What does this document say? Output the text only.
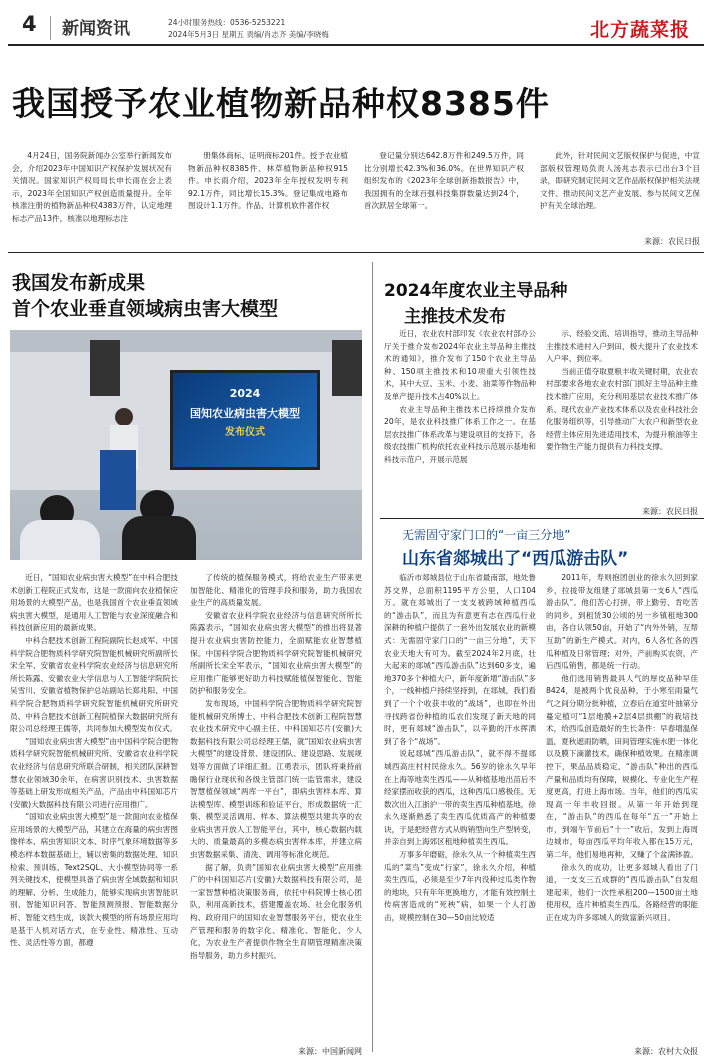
4 新闻资讯	24小时服务热线：0536-5253221
2024年5月3日 星期五 责编/肖志齐 美编/李晓梅	北方蔬菜报
我国授予农业植物新品种权8385件

4月24日，国务院新闻办公室举行新闻发布会，介绍2023年中国知识产权保护发展状况有关情况。国家知识产权局局长申长雨在会上表示，2023年全国知识产权创造质量提升。全年核准注册的植物新品种权4383万件，认定地理标志产品13件，核准以地理标志注

册集体商标、证明商标201件。授予农业植物新品种权8385件、林草植物新品种权915件。申长雨介绍，2023年全年授权发明专利92.1万件，同比增长15.3%。登记集成电路布图设计1.1万件。作品、计算机软件著作权

登记量分别达642.8万件和249.5万件，同比分别增长42.3%和36.0%。在世界知识产权组织发布的《2023年全球创新指数报告》中，我国拥有的全球百强科技集群数量达到24个，首次跃居全球第一。

此外，针对民间文艺版权保护与促进，中宣部版权管理局负责人汤兆志表示已出台3个目录，即研究制定民间文艺作品版权保护相关法规文件、推动民间文艺产业发展、参与民间文艺保护有关全球治理。

来源：农民日报
我国发布新成果
首个农业垂直领域病虫害大模型
2024
国知农业病虫害大模型
发布仪式

近日，“国知农业病虫害大模型”在中科合肥技术创新工程院正式发布，这是一款面向农业植保应用场景的大模型产品，也是我国首个农业垂直领域病虫害大模型，是通用人工智能与农业深度融合和科技创新应用的最新成果。

中科合肥技术创新工程院副院长赵成军、中国科学院合肥物质科学研究院智能机械研究所副所长宋全军、安徽省农业科学院农业经济与信息研究所所长陈露、安徽农业大学信息与人工智能学院院长吴雪川、安徽省植物保护总站副站长郑兆阳、中国科学院合肥物质科学研究院智能机械研究所研究员、中科合肥技术创新工程院植保大数据研究所有限公司总经理王儒等，共同参加大模型发布仪式。

“国知农业病虫害大模型”由中国科学院合肥物质科学研究院智能机械研究所、安徽省农业科学院农业经济与信息研究所联合研制，相关团队深耕智慧农业领域30余年，在病害识别技术、虫害数据等基础上研发形成相关产品，产品由中科国知芯片(安徽)大数据科技有限公司进行应用推广。

“国知农业病虫害大模型”是一款面向农业植保应用场景的大模型产品，其建立在海量的病虫害图像样本、病虫害知识文本、时序气象环境数据等多模态样本数据基础上，辅以密集的数据处理、知识检索、预训练、Text2SQL、大小模型协同等一系列关键技术，使模型具备了病虫害全域数据和知识的理解、分析、生成能力，能够实现病虫害智能识别、智能知识问答、智能预测预报、智能数据分析、智能文档生成，该款大模型的所有场景应用均是基于人机对话方式，在专业性、精准性、互动性、灵活性等方面，都遵

了传统的植保服务模式，将给农业生产带来更加智能化、精准化的管理手段和服务，助力我国农业生产的高质量发展。

安徽省农业科学院农业经济与信息研究所所长陈露表示，“国知农业病虫害大模型”的推出将显著提升农业病虫害防控能力，全面赋能农业智慧植保。中国科学院合肥物质科学研究院智能机械研究所副所长宋全军表示，“国知农业病虫害大模型”的应用推广能够更好助力科技赋能植保智能化、智能防护和服务安全。

发布现场，中国科学院合肥物质科学研究院智能机械研究所博士、中科合肥技术创新工程院智慧农业技术研究中心副主任、中科国知芯片(安徽)大数据科技有限公司总经理王儒，就“国知农业病虫害大模型”的建设背景、建设团队、建设思路、发展规划等方面做了详细汇报。江勇表示，团队将秉持前瞻保行业现状和各级主管部门统一监管需求，建设智慧植保领域“两库一平台”，即病虫害样本库、算法模型库、模型训练和验证平台，形成数据统一汇集、模型灵活调用、样本、算法模型共建共享的农业病虫害开放人工智能平台，其中，核心数据内载大的、质量最高的多模态病虫害样本库，并建立病虫害数据采集、清洗、调用等标准化规范。

据了解，负责“国知农业病虫害大模型”应用推广的中科国知芯片(安徽)大数据科技有限公司，是一家智慧种植决策服务商，依托中科院博士核心团队，利用高新技术，搭建覆盖农场、社会化服务机构、政府用户的国知农业智慧服务平台，使农业生产管理和服务的数字化、精准化、智能化、少人化，为农业生产者提供作物全生育期管理精准决策指导服务，助力乡村振兴。

来源：中国新闻网
2024年度农业主导品种
主推技术发布

近日，农业农村部印发《农业农村部办公厅关于推介发布2024年农业主导品种主推技术的通知》，推介发布了150个农业主导品种、150项主推技术和10项重大引领性技术，其中大豆、玉米、小麦、油菜等作物品种及单产提升技术占40%以上。

农业主导品种主推技术已持续推介发布20年，是农业科技推广体系工作之一。在基层农技推广体系改革与建设项目的支持下，各级农技推广机构依托农业科技示范展示基地和科技示范户，开展示范展

示、经验交流、培训指导，推动主导品种主推技术进村入户到田，极大提升了农业技术入户率、到位率。

当前正值夺取夏粮丰收关键时期，农业农村部要求各地农业农村部门抓好主导品种主推技术推广应用，充分利用基层农业技术推广体系、现代农业产业技术体系以及农业科技社会化服务组织等，引导推动广大农户和新型农业经营主体应用先进适用技术，为提升粮油等主要作物生产能力提供有力科技支撑。

来源：农民日报
无需固守家门口的“一亩三分地”
山东省郯城出了“西瓜游击队”

临沂市郯城县位于山东省最南部，地处鲁苏交界，总面积1195平方公里，人口104万。就在郯城出了一支支被跨域种植西瓜的“游击队”，而且为有意更有志在西瓜行业深耕的种植户提供了一套外出发展农业的新模式：无需固守家门口的“一亩三分地”，天下农业天地大有可为。截至2024年2月底，壮大起来的郯城“西瓜游击队”达到60多支，遍地370多个种植大户，新年度新增“游击队”多个，一线种植户持续坚持到，在郯城，我们看到了一个个收获丰收的“战场”，也即在外出寻找跨省份种植的瓜农们发现了新天地的同时，更有郯城“游击队”，以辛勤的汗水挥洒到了各个“战场”。

说起郯城“西瓜游击队”，就不得不提郯城西高庄村村民徐永久。56岁的徐永久早年在上海等地卖生西瓜——从种植基地出苗后不经家摆而收获的西瓜，这种西瓜口感极佳。无数次出入江浙沪一带的卖生西瓜种植基地，徐永久逐渐熟悉了卖生西瓜优质高产的种植要诀，于是把经营方式从购销型向生产型转变，并亲自到上海郊区租地种植卖生西瓜。

万事多年磨砺，徐永久从一个种植卖生西瓜的“菜鸟”变成“行家”，徐永久介绍，种植卖生西瓜，必须是至少7年内没种过瓜类作物的地块，只有年年更换地方，才能有效控制土传病害造成的“死秧”病，如果一个人打游击，规模控制在30—50亩比较适

2011年，寿则抱团创业的徐永久回到家乡，拉拢带友组建了郯城县第一支6人“西瓜游击队”。他们苦心打拼，带上勤劳、肯吃苦的同乡，到租赁30公顷的另一乡镇租地300亩，各自认领50亩，开始了“内外外销，互帮互助”的新生产模式。对内，6人各忙各的西瓜种植及日常管理；对外，产前购买农资，产后西瓜销售，都是统一行动。

他们选用销售最具人气的厚皮品种早佳8424，是被两个优良品种，于小寒至雨量气气之间分期分批种植，立春后在道室叶抽第分蔓定植可“1层地膜+2层4层拱棚”的栽培技术，给西瓜创造最好的生长条件：早春增温保温，夏秋遮雨防晒，田间管理实施水肥一体化以及膜下滴灌技术，确保种植效果。在精准调控下，果品品质稳定，“游击队”种出的西瓜产量和品质均有保障，规模化、专业化生产程度更高，打进上海市场。当年，他们的西瓜实现高一年丰收回报。从第一年开始到现在，“游击队”的西瓜在每年“五一”开始上市，到端午节前后“十一”收后，发到上海周边城市，每亩西瓜平均年收入都在15万元，第二年，他们易地再种，又赚了个盆满钵盈。

徐永久的成功，让更多郯城人看出了门道，一支支三五成群的“西瓜游击队”自发组建起来，他们一次性承租200—1500亩土地使用权，连片种植卖生西瓜。各路经营的职能正在成为许多郯城人的致富新兴项目。

来源：农村大众报
